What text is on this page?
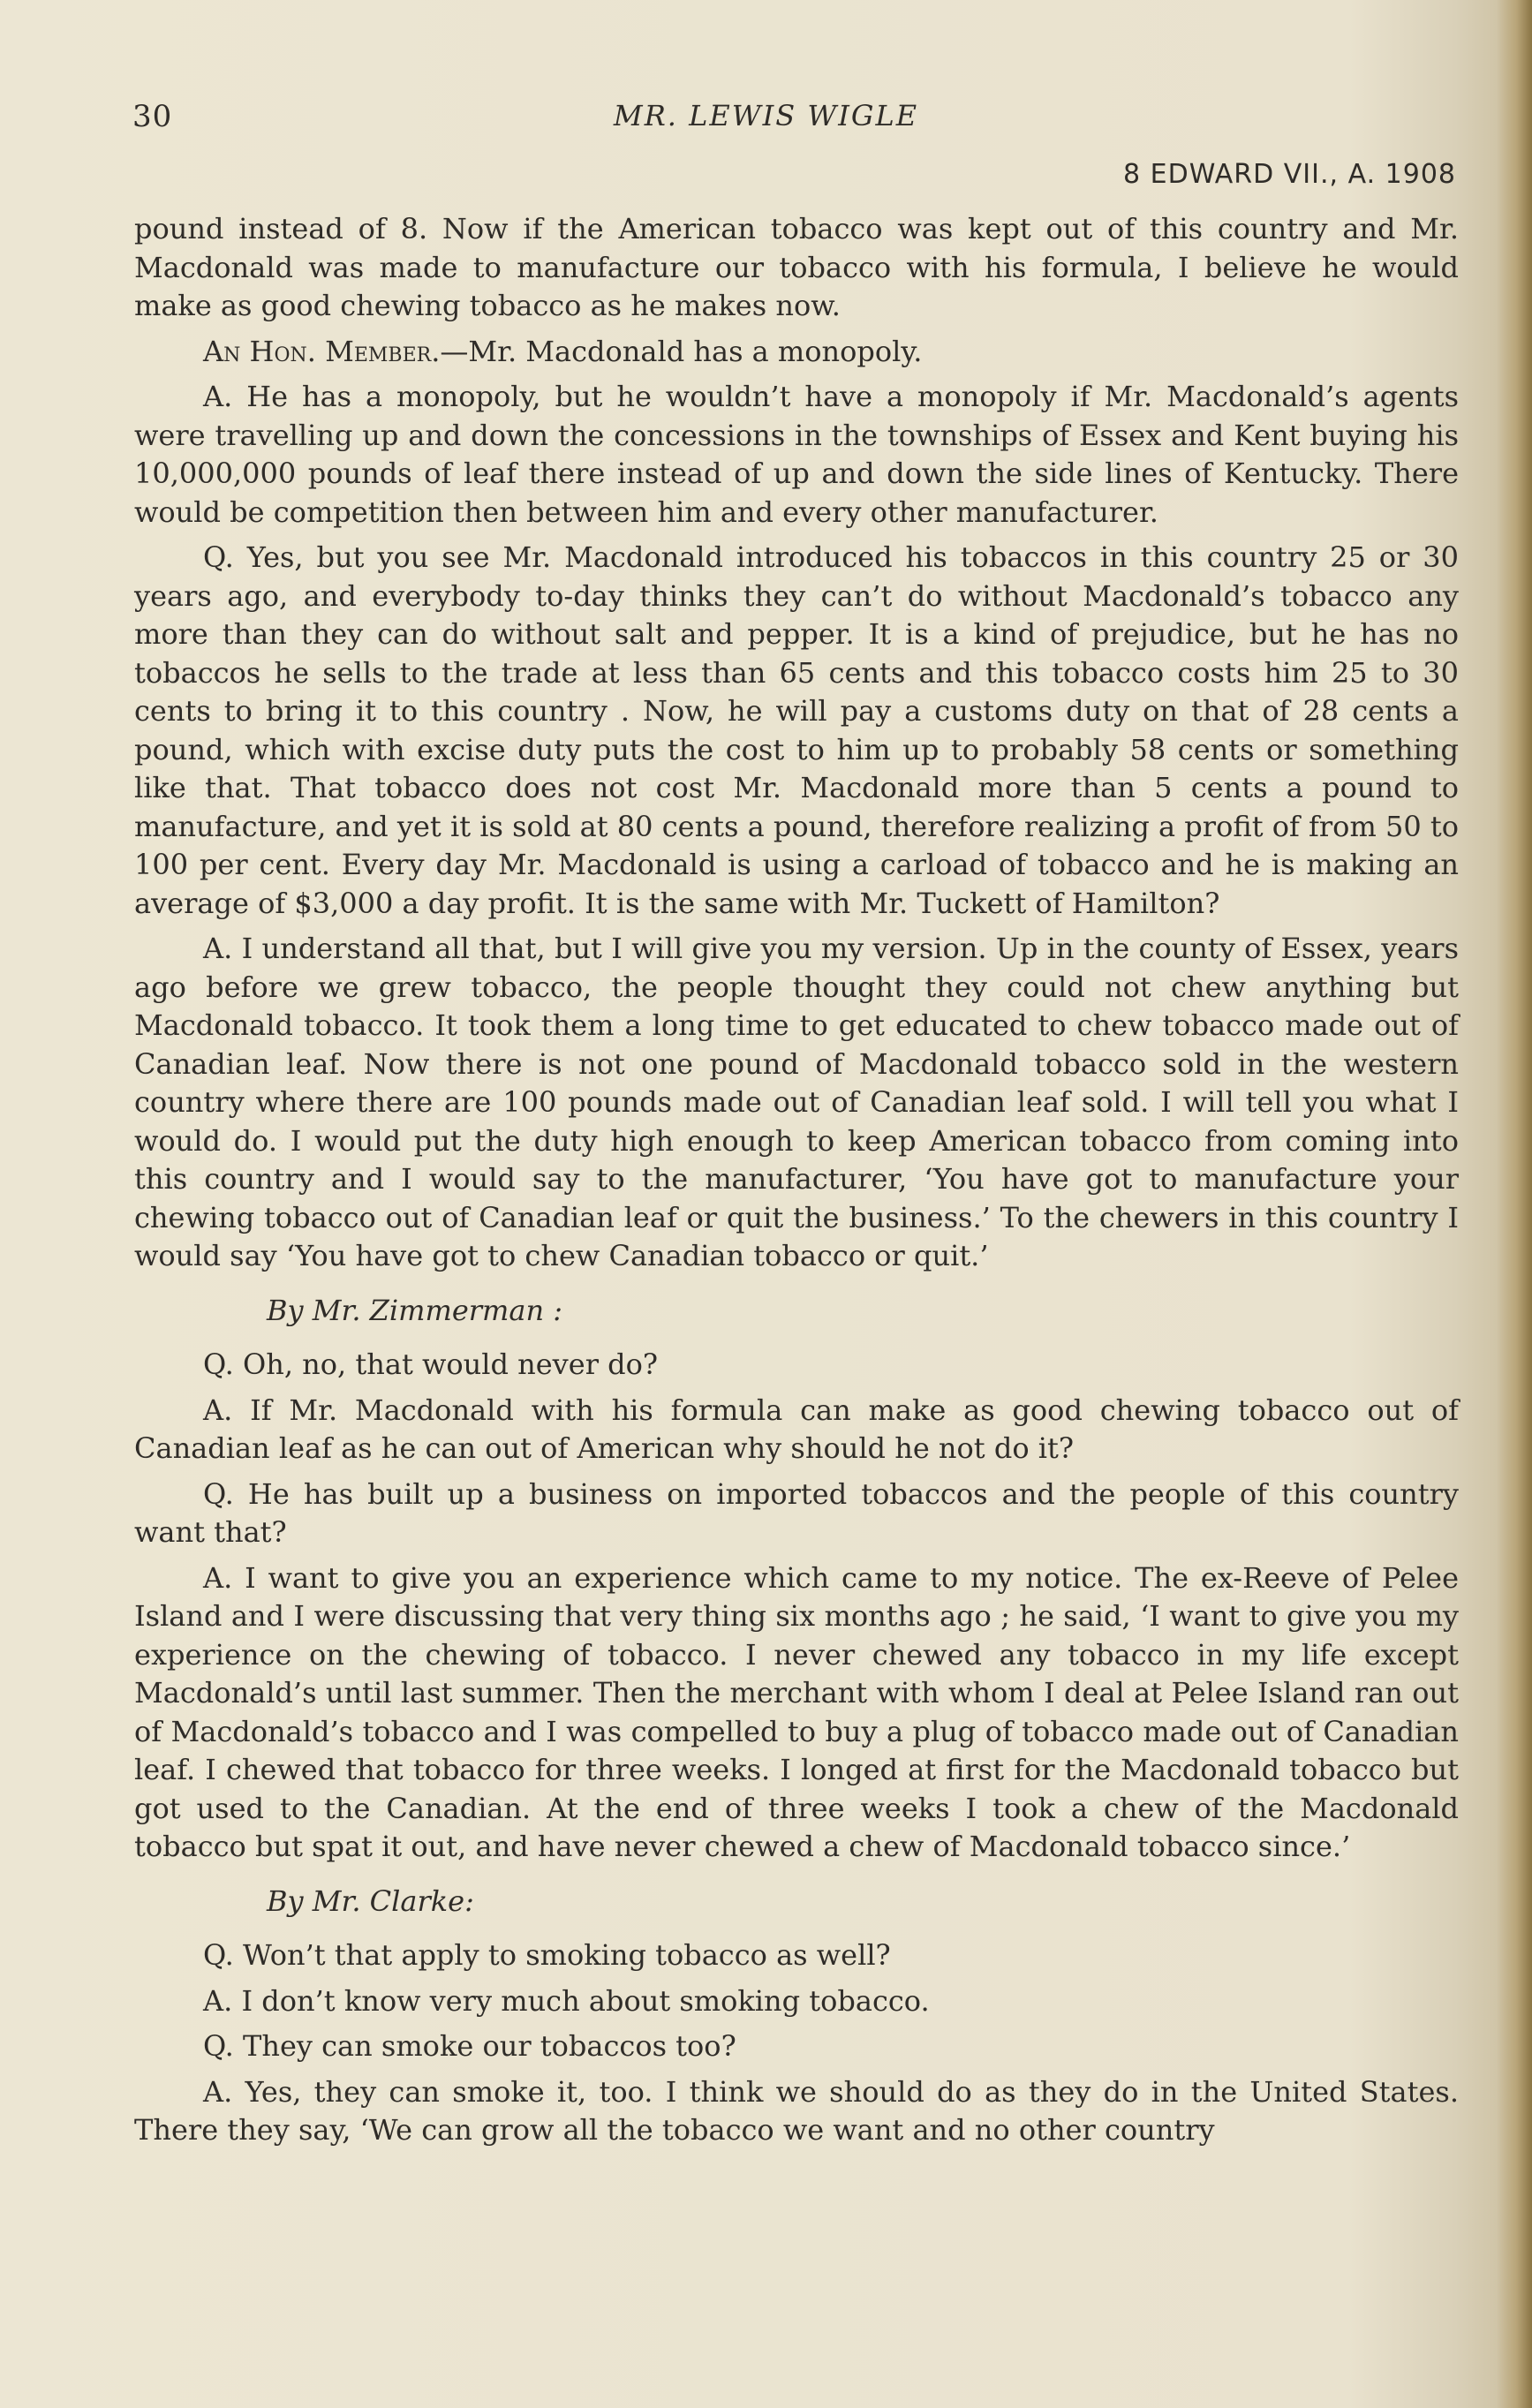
30	MR. LEWIS WIGLE
8 EDWARD VII., A. 1908

pound instead of 8. Now if the American tobacco was kept out of this country and Mr. Macdonald was made to manufacture our tobacco with his formula, I believe he would make as good chewing tobacco as he makes now.

An Hon. Member.—Mr. Macdonald has a monopoly.

A. He has a monopoly, but he wouldn’t have a monopoly if Mr. Macdonald’s agents were travelling up and down the concessions in the townships of Essex and Kent buying his 10,000,000 pounds of leaf there instead of up and down the side lines of Kentucky. There would be competition then between him and every other manufacturer.

Q. Yes, but you see Mr. Macdonald introduced his tobaccos in this country 25 or 30 years ago, and everybody to-day thinks they can’t do without Macdonald’s tobacco any more than they can do without salt and pepper. It is a kind of prejudice, but he has no tobaccos he sells to the trade at less than 65 cents and this tobacco costs him 25 to 30 cents to bring it to this country . Now, he will pay a customs duty on that of 28 cents a pound, which with excise duty puts the cost to him up to probably 58 cents or something like that. That tobacco does not cost Mr. Macdonald more than 5 cents a pound to manufacture, and yet it is sold at 80 cents a pound, therefore realizing a profit of from 50 to 100 per cent. Every day Mr. Macdonald is using a carload of tobacco and he is making an average of $3,000 a day profit. It is the same with Mr. Tuckett of Hamilton?

A. I understand all that, but I will give you my version. Up in the county of Essex, years ago before we grew tobacco, the people thought they could not chew anything but Macdonald tobacco. It took them a long time to get educated to chew tobacco made out of Canadian leaf. Now there is not one pound of Macdonald tobacco sold in the western country where there are 100 pounds made out of Canadian leaf sold. I will tell you what I would do. I would put the duty high enough to keep American tobacco from coming into this country and I would say to the manufacturer, ‘You have got to manufacture your chewing tobacco out of Canadian leaf or quit the business.’ To the chewers in this country I would say ‘You have got to chew Canadian tobacco or quit.’

By Mr. Zimmerman :

Q. Oh, no, that would never do?

A. If Mr. Macdonald with his formula can make as good chewing tobacco out of Canadian leaf as he can out of American why should he not do it?

Q. He has built up a business on imported tobaccos and the people of this country want that?

A. I want to give you an experience which came to my notice. The ex-Reeve of Pelee Island and I were discussing that very thing six months ago ; he said, ‘I want to give you my experience on the chewing of tobacco. I never chewed any tobacco in my life except Macdonald’s until last summer. Then the merchant with whom I deal at Pelee Island ran out of Macdonald’s tobacco and I was compelled to buy a plug of tobacco made out of Canadian leaf. I chewed that tobacco for three weeks. I longed at first for the Macdonald tobacco but got used to the Canadian. At the end of three weeks I took a chew of the Macdonald tobacco but spat it out, and have never chewed a chew of Macdonald tobacco since.’

By Mr. Clarke:

Q. Won’t that apply to smoking tobacco as well?

A. I don’t know very much about smoking tobacco.

Q. They can smoke our tobaccos too?

A. Yes, they can smoke it, too. I think we should do as they do in the United States. There they say, ‘We can grow all the tobacco we want and no other country
